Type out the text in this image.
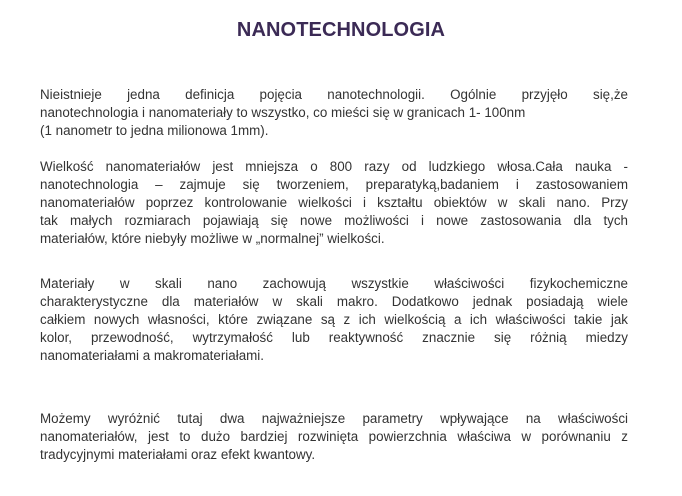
NANOTECHNOLOGIA
Nieistnieje jedna definicja pojęcia nanotechnologii. Ogólnie przyjęło się,że
nanotechnologia i nanomateriały to wszystko, co mieści się w granicach 1- 100nm
(1 nanometr to jedna milionowa 1mm).
Wielkość nanomateriałów jest mniejsza o 800 razy od ludzkiego włosa.Cała nauka -
nanotechnologia – zajmuje się tworzeniem, preparatyką,badaniem i zastosowaniem
nanomateriałów poprzez kontrolowanie wielkości i kształtu obiektów w skali nano. Przy
tak małych rozmiarach pojawiają się nowe możliwości i nowe zastosowania dla tych
materiałów, które niebyły możliwe w „normalnej” wielkości.
Materiały w skali nano zachowują wszystkie właściwości fizykochemiczne
charakterystyczne dla materiałów w skali makro. Dodatkowo jednak posiadają wiele
całkiem nowych własności, które związane są z ich wielkością a ich właściwości takie jak
kolor, przewodność, wytrzymałość lub reaktywność znacznie się różnią miedzy
nanomateriałami a makromateriałami.
Możemy wyróżnić tutaj dwa najważniejsze parametry wpływające na właściwości
nanomateriałów, jest to dużo bardziej rozwinięta powierzchnia właściwa w porównaniu z
tradycyjnymi materiałami oraz efekt kwantowy.
